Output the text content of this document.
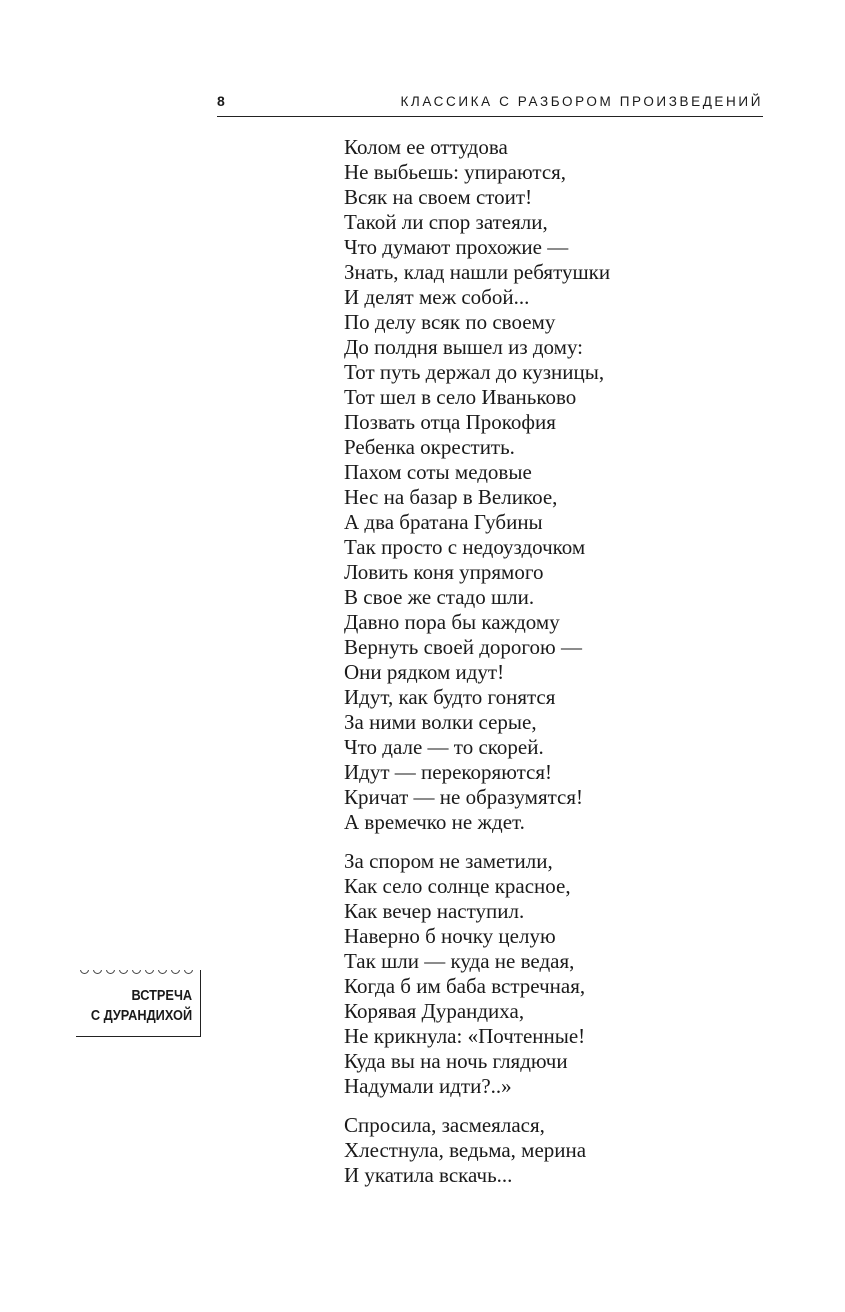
8	КЛАССИКА С РАЗБОРОМ ПРОИЗВЕДЕНИЙ
Колом ее оттудова
Не выбьешь: упираются,
Всяк на своем стоит!
Такой ли спор затеяли,
Что думают прохожие —
Знать, клад нашли ребятушки
И делят меж собой...
По делу всяк по своему
До полдня вышел из дому:
Тот путь держал до кузницы,
Тот шел в село Иваньково
Позвать отца Прокофия
Ребенка окрестить.
Пахом соты медовые
Нес на базар в Великое,
А два братана Губины
Так просто с недоуздочком
Ловить коня упрямого
В свое же стадо шли.
Давно пора бы каждому
Вернуть своей дорогою —
Они рядком идут!
Идут, как будто гонятся
За ними волки серые,
Что дале — то скорей.
Идут — перекоряются!
Кричат — не образумятся!
А времечко не ждет.
За спором не заметили,
Как село солнце красное,
Как вечер наступил.
Наверно б ночку целую
Так шли — куда не ведая,
Когда б им баба встречная,
Корявая Дурандиха,
Не крикнула: «Почтенные!
Куда вы на ночь глядючи
Надумали идти?..»
Спросила, засмеялася,
Хлестнула, ведьма, мерина
И укатила вскачь...
ВСТРЕЧА
С ДУРАНДИХОЙ
